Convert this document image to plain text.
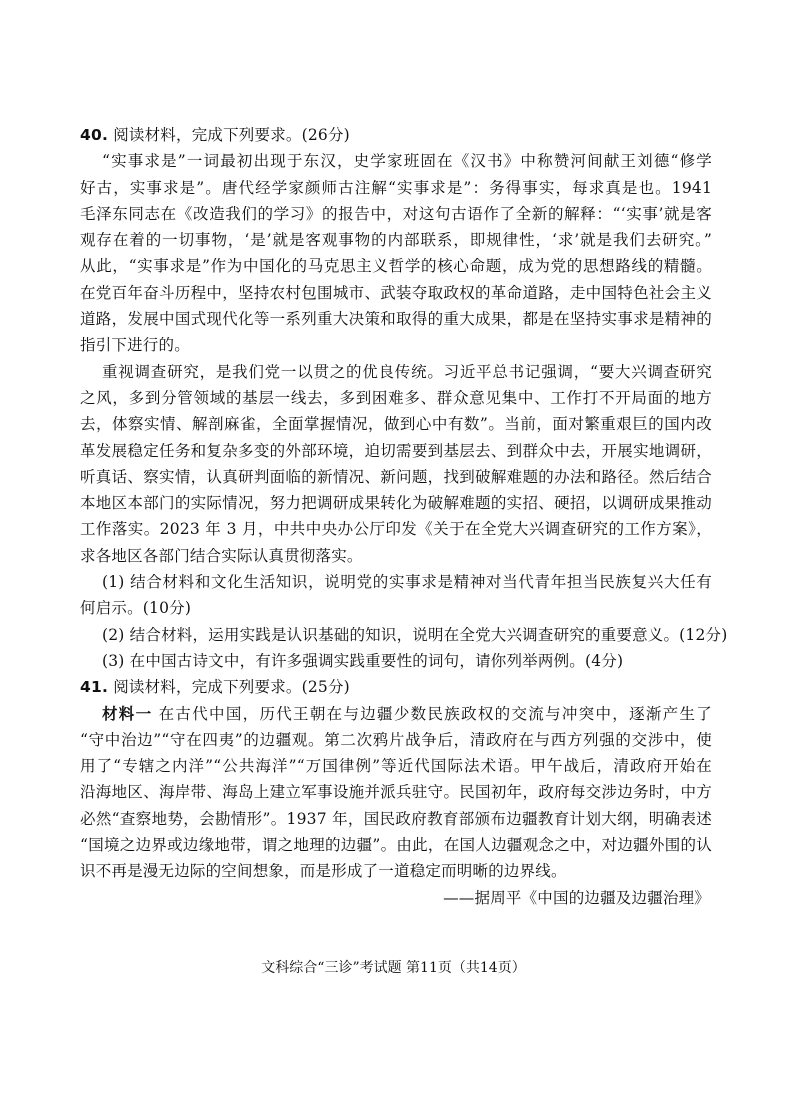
40. 阅读材料，完成下列要求。(26分)
“实事求是”一词最初出现于东汉，史学家班固在《汉书》中称赞河间献王刘德“修学
好古，实事求是”。唐代经学家颜师古注解“实事求是”：务得事实，每求真是也。1941
毛泽东同志在《改造我们的学习》的报告中，对这句古语作了全新的解释：“‘实事’就是客
观存在着的一切事物，‘是’就是客观事物的内部联系，即规律性，‘求’就是我们去研究。”
从此，“实事求是”作为中国化的马克思主义哲学的核心命题，成为党的思想路线的精髓。
在党百年奋斗历程中，坚持农村包围城市、武装夺取政权的革命道路，走中国特色社会主义
道路，发展中国式现代化等一系列重大决策和取得的重大成果，都是在坚持实事求是精神的
指引下进行的。
重视调查研究，是我们党一以贯之的优良传统。习近平总书记强调，“要大兴调查研究
之风，多到分管领域的基层一线去，多到困难多、群众意见集中、工作打不开局面的地方
去，体察实情、解剖麻雀，全面掌握情况，做到心中有数”。当前，面对繁重艰巨的国内改
革发展稳定任务和复杂多变的外部环境，迫切需要到基层去、到群众中去，开展实地调研，
听真话、察实情，认真研判面临的新情况、新问题，找到破解难题的办法和路径。然后结合
本地区本部门的实际情况，努力把调研成果转化为破解难题的实招、硬招，以调研成果推动
工作落实。2023 年 3 月，中共中央办公厅印发《关于在全党大兴调查研究的工作方案》，
求各地区各部门结合实际认真贯彻落实。
(1) 结合材料和文化生活知识，说明党的实事求是精神对当代青年担当民族复兴大任有
何启示。(10分)
(2) 结合材料，运用实践是认识基础的知识，说明在全党大兴调查研究的重要意义。(12分)
(3) 在中国古诗文中，有许多强调实践重要性的词句，请你列举两例。(4分)
41. 阅读材料，完成下列要求。(25分)
材料一 在古代中国，历代王朝在与边疆少数民族政权的交流与冲突中，逐渐产生了
“守中治边”“守在四夷”的边疆观。第二次鸦片战争后，清政府在与西方列强的交涉中，使
用了“专辖之内洋”“公共海洋”“万国律例”等近代国际法术语。甲午战后，清政府开始在
沿海地区、海岸带、海岛上建立军事设施并派兵驻守。民国初年，政府每交涉边务时，中方
必然“查察地势，会勘情形”。1937 年，国民政府教育部颁布边疆教育计划大纲，明确表述
“国境之边界或边缘地带，谓之地理的边疆”。由此，在国人边疆观念之中，对边疆外围的认
识不再是漫无边际的空间想象，而是形成了一道稳定而明晰的边界线。
——据周平《中国的边疆及边疆治理》
文科综合“三诊”考试题 第11页（共14页）
